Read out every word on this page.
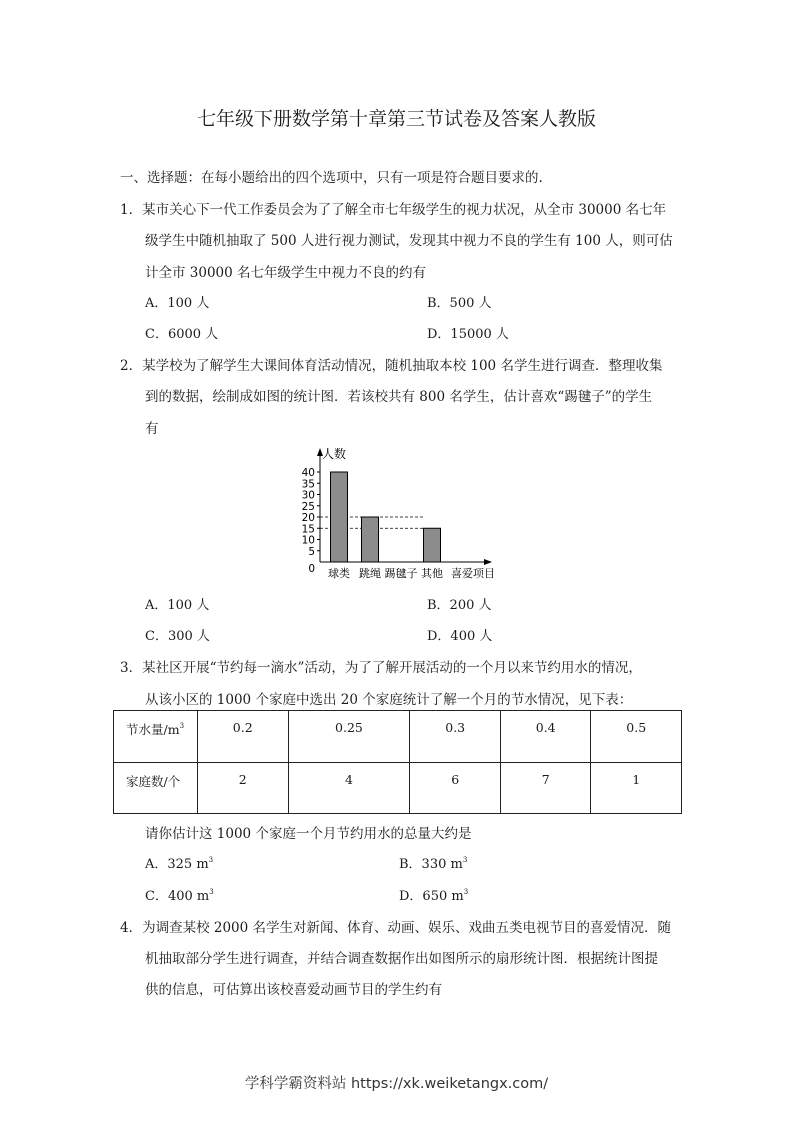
七年级下册数学第十章第三节试卷及答案人教版
一、选择题：在每小题给出的四个选项中，只有一项是符合题目要求的.
1．某市关心下一代工作委员会为了了解全市七年级学生的视力状况，从全市 30000 名七年
级学生中随机抽取了 500 人进行视力测试，发现其中视力不良的学生有 100 人，则可估
计全市 30000 名七年级学生中视力不良的约有
A．100 人	B．500 人
C．6000 人	D．15000 人
2．某学校为了解学生大课间体育活动情况，随机抽取本校 100 名学生进行调查．整理收集
到的数据，绘制成如图的统计图．若该校共有 800 名学生，估计喜欢“踢毽子”的学生
有
0
5
10
15
20
25
30
35
40
球类 跳绳 踢毽子 其他
人数
喜爱项目
A．100 人	B．200 人
C．300 人	D．400 人
3．某社区开展“节约每一滴水”活动，为了了解开展活动的一个月以来节约用水的情况，
从该小区的 1000 个家庭中选出 20 个家庭统计了解一个月的节水情况，见下表：
节水量$/m^3$	0.2	0.25	0.3	0.4	0.5
家庭数/个	2	4	6	7	1
请你估计这 1000 个家庭一个月节约用水的总量大约是
A．325 $m^3$	B．330 $m^3$
C．400 $m^3$	D．650 $m^3$
4．为调查某校 2000 名学生对新闻、体育、动画、娱乐、戏曲五类电视节目的喜爱情况．随
机抽取部分学生进行调查，并结合调查数据作出如图所示的扇形统计图．根据统计图提
供的信息，可估算出该校喜爱动画节目的学生约有
学科学霸资料站 https://xk.weiketangx.com/
